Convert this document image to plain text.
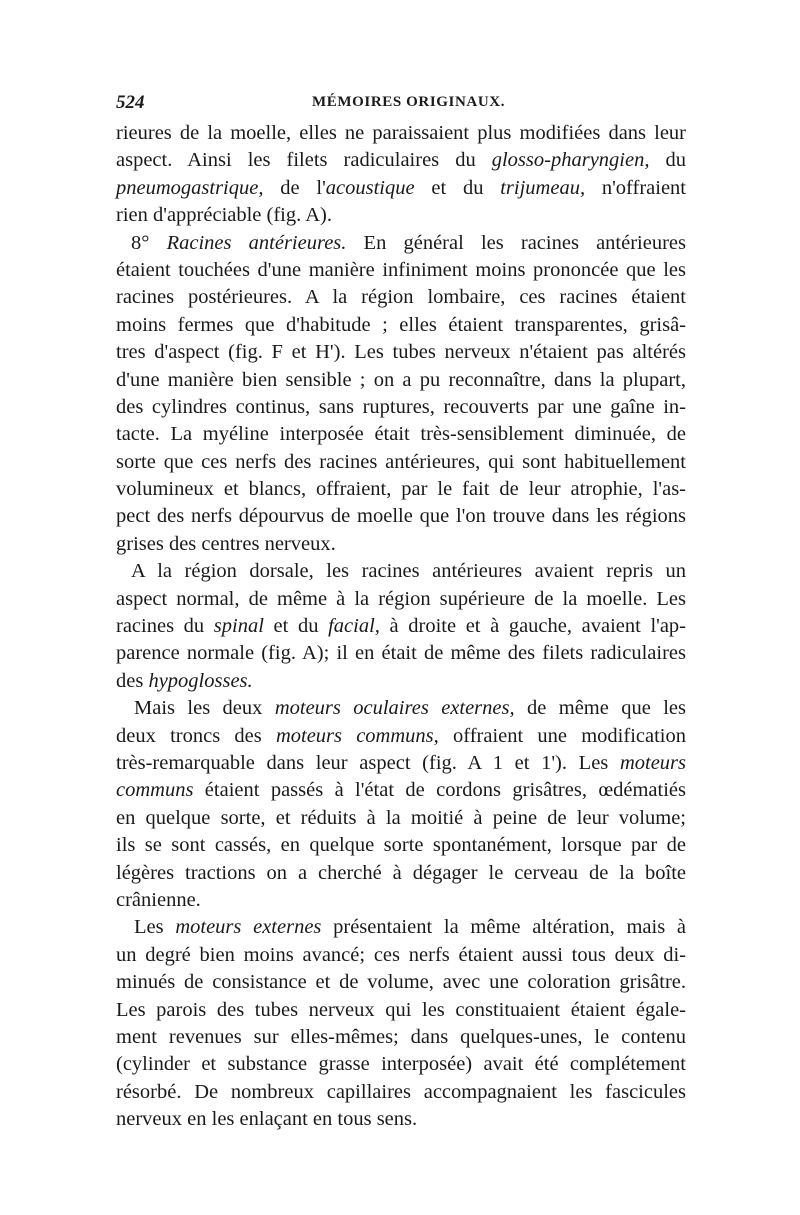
524	MÉMOIRES ORIGINAUX.
rieures de la moelle, elles ne paraissaient plus modifiées dans leur
aspect. Ainsi les filets radiculaires du glosso-pharyngien, du
pneumogastrique, de l'acoustique et du trijumeau, n'offraient
rien d'appréciable (fig. A).
8° Racines antérieures. En général les racines antérieures
étaient touchées d'une manière infiniment moins prononcée que les
racines postérieures. A la région lombaire, ces racines étaient
moins fermes que d'habitude ; elles étaient transparentes, grisâ-
tres d'aspect (fig. F et H'). Les tubes nerveux n'étaient pas altérés
d'une manière bien sensible ; on a pu reconnaître, dans la plupart,
des cylindres continus, sans ruptures, recouverts par une gaîne in-
tacte. La myéline interposée était très-sensiblement diminuée, de
sorte que ces nerfs des racines antérieures, qui sont habituellement
volumineux et blancs, offraient, par le fait de leur atrophie, l'as-
pect des nerfs dépourvus de moelle que l'on trouve dans les régions
grises des centres nerveux.
A la région dorsale, les racines antérieures avaient repris un
aspect normal, de même à la région supérieure de la moelle. Les
racines du spinal et du facial, à droite et à gauche, avaient l'ap-
parence normale (fig. A); il en était de même des filets radiculaires
des hypoglosses.
Mais les deux moteurs oculaires externes, de même que les
deux troncs des moteurs communs, offraient une modification
très-remarquable dans leur aspect (fig. A 1 et 1'). Les moteurs
communs étaient passés à l'état de cordons grisâtres, œdématiés
en quelque sorte, et réduits à la moitié à peine de leur volume;
ils se sont cassés, en quelque sorte spontanément, lorsque par de
légères tractions on a cherché à dégager le cerveau de la boîte
crânienne.
Les moteurs externes présentaient la même altération, mais à
un degré bien moins avancé; ces nerfs étaient aussi tous deux di-
minués de consistance et de volume, avec une coloration grisâtre.
Les parois des tubes nerveux qui les constituaient étaient égale-
ment revenues sur elles-mêmes; dans quelques-unes, le contenu
(cylinder et substance grasse interposée) avait été complétement
résorbé. De nombreux capillaires accompagnaient les fascicules
nerveux en les enlaçant en tous sens.
